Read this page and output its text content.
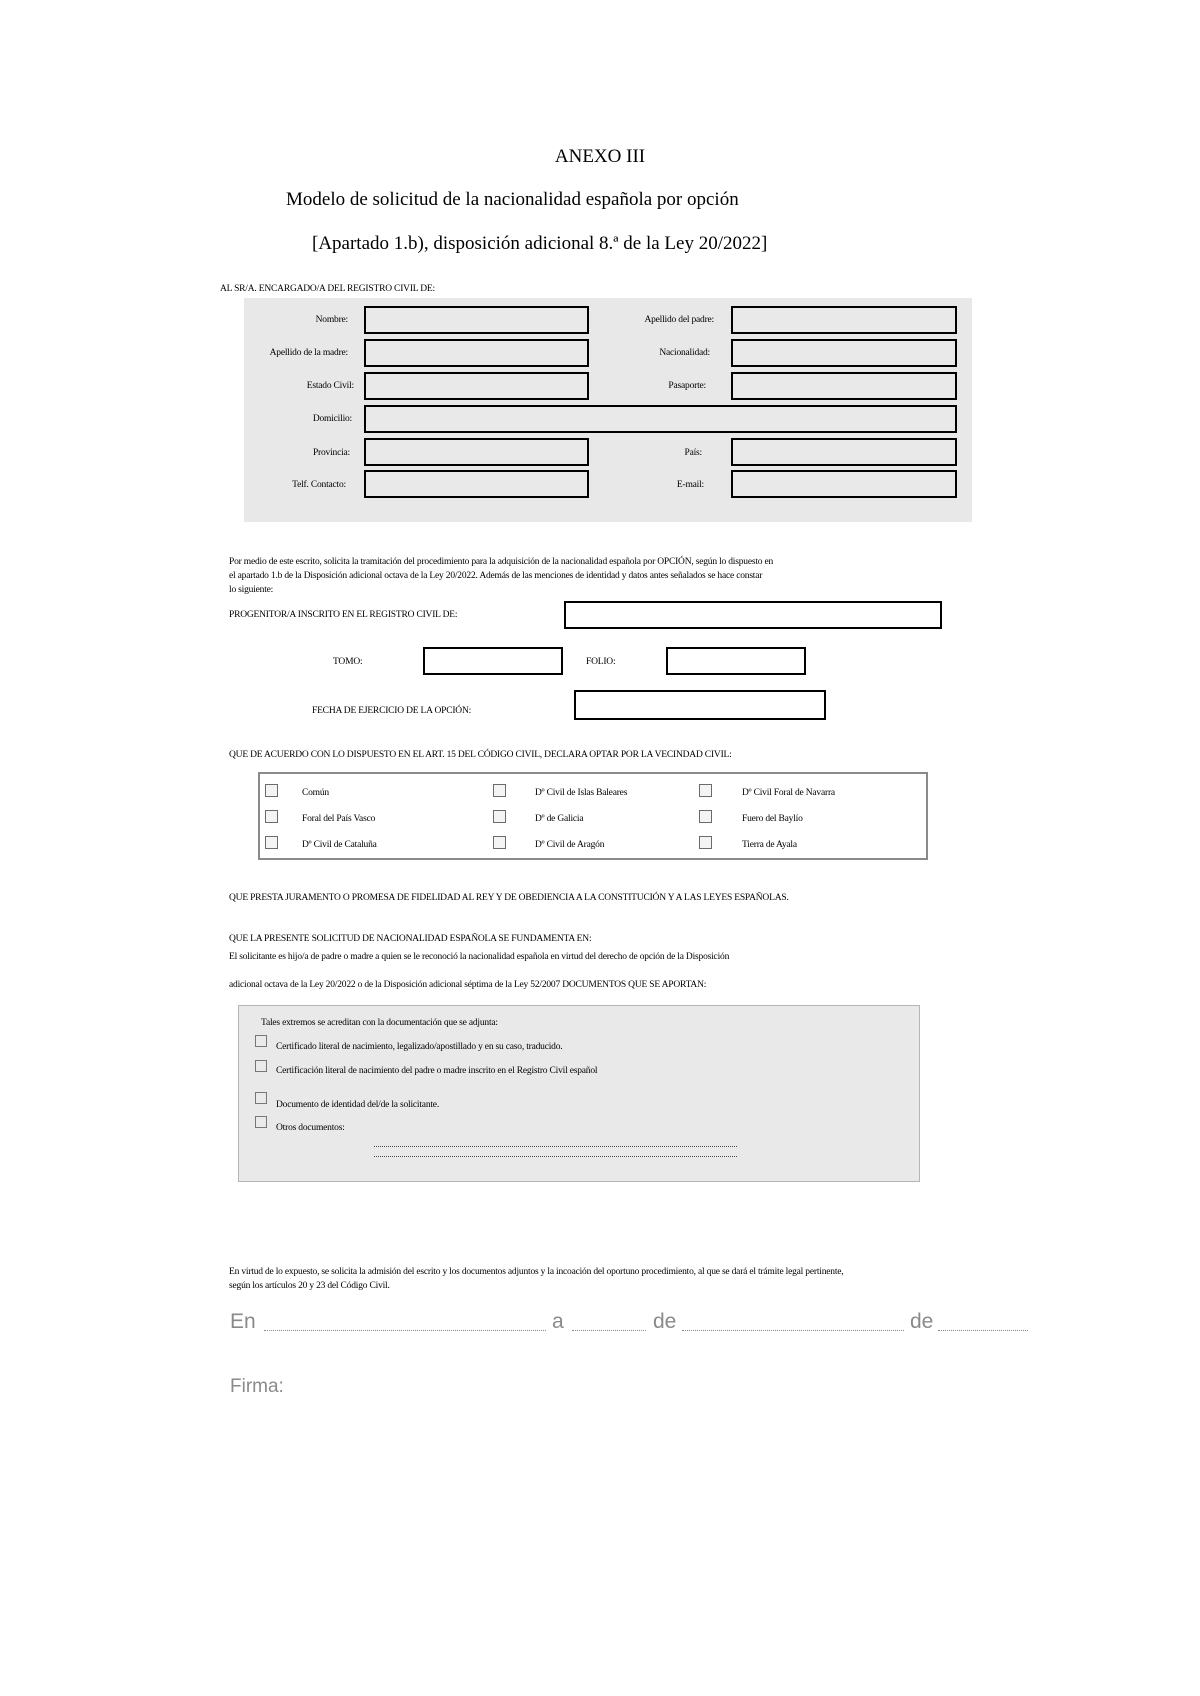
ANEXO III
Modelo de solicitud de la nacionalidad española por opción
[Apartado 1.b), disposición adicional 8.ª de la Ley 20/2022]
AL SR/A. ENCARGADO/A DEL REGISTRO CIVIL DE:
Nombre:	Apellido del padre:
Apellido de la madre:	Nacionalidad:
Estado Civil:	Pasaporte:
Domicilio:
Provincia:	País:
Telf. Contacto:	E-mail:
Por medio de este escrito, solicita la tramitación del procedimiento para la adquisición de la nacionalidad española por OPCIÓN, según lo dispuesto en
el apartado 1.b de la Disposición adicional octava de la Ley 20/2022. Además de las menciones de identidad y datos antes señalados se hace constar
lo siguiente:
PROGENITOR/A INSCRITO EN EL REGISTRO CIVIL DE:
TOMO:	FOLIO:
FECHA DE EJERCICIO DE LA OPCIÓN:
QUE DE ACUERDO CON LO DISPUESTO EN EL ART. 15 DEL CÓDIGO CIVIL, DECLARA OPTAR POR LA VECINDAD CIVIL:
Común	Dº Civil de Islas Baleares	Dº Civil Foral de Navarra
Foral del País Vasco	Dº de Galicia	Fuero del Baylío
Dº Civil de Cataluña	Dº Civil de Aragón	Tierra de Ayala
QUE PRESTA JURAMENTO O PROMESA DE FIDELIDAD AL REY Y DE OBEDIENCIA A LA CONSTITUCIÓN Y A LAS LEYES ESPAÑOLAS.
QUE LA PRESENTE SOLICITUD DE NACIONALIDAD ESPAÑOLA SE FUNDAMENTA EN:
El solicitante es hijo/a de padre o madre a quien se le reconoció la nacionalidad española en virtud del derecho de opción de la Disposición
adicional octava de la Ley 20/2022 o de la Disposición adicional séptima de la Ley 52/2007 DOCUMENTOS QUE SE APORTAN:
Tales extremos se acreditan con la documentación que se adjunta:
Certificado literal de nacimiento, legalizado/apostillado y en su caso, traducido.
Certificación literal de nacimiento del padre o madre inscrito en el Registro Civil español
Documento de identidad del/de la solicitante.
Otros documentos:
En virtud de lo expuesto, se solicita la admisión del escrito y los documentos adjuntos y la incoación del oportuno procedimiento, al que se dará el trámite legal pertinente,
según los artículos 20 y 23 del Código Civil.
En	a	de	de
Firma:
